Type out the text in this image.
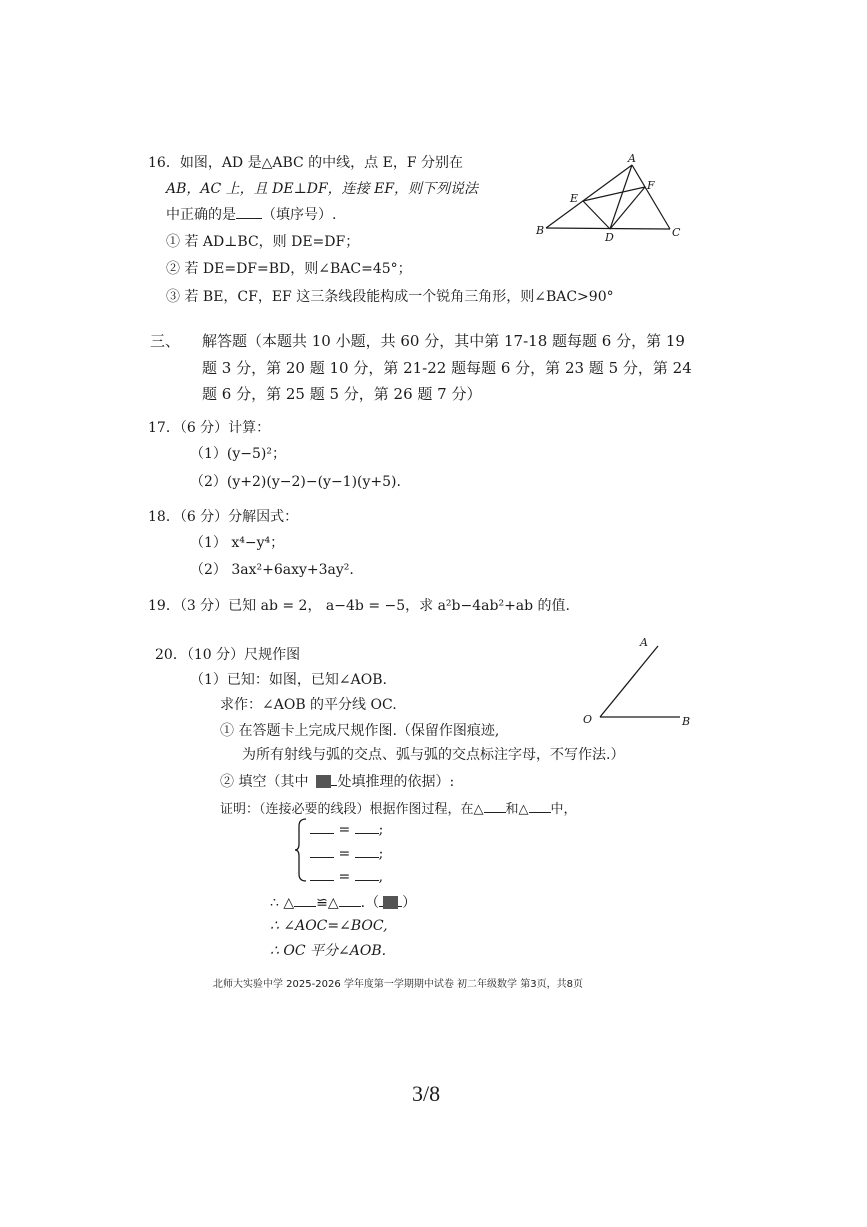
16．如图，AD 是△ABC 的中线，点 E，F 分别在
AB，AC 上，且 DE⊥DF，连接 EF，则下列说法
中正确的是 （填序号）.
① 若 AD⊥BC，则 DE=DF；
② 若 DE=DF=BD，则∠BAC=45°；
③ 若 BE，CF，EF 这三条线段能构成一个锐角三角形，则∠BAC>90°
A
B	C
D
E
F
三、 解答题（本题共 10 小题，共 60 分，其中第 17-18 题每题 6 分，第 19
题 3 分，第 20 题 10 分，第 21-22 题每题 6 分，第 23 题 5 分，第 24
题 6 分，第 25 题 5 分，第 26 题 7 分）
17．（6 分）计算：
（1）(y−5)²；
（2）(y+2)(y−2)−(y−1)(y+5).
18．（6 分）分解因式：
（1） x⁴−y⁴；
（2） 3ax²+6axy+3ay².
19．（3 分）已知 ab = 2， a−4b = −5，求 a²b−4ab²+ab 的值.
20．（10 分）尺规作图
（1）已知：如图，已知∠AOB.
求作：∠AOB 的平分线 OC.
① 在答题卡上完成尺规作图.（保留作图痕迹,
为所有射线与弧的交点、弧与弧的交点标注字母，不写作法.）
② 填空（其中 处填推理的依据）:
证明：（连接必要的线段）根据作图过程，在△ 和△ 中，
= ;
= ;
= ,
∴ △ ≌△ .（ ）
∴ ∠AOC=∠BOC,
∴ OC 平分∠AOB.
A
O	B
北师大实验中学 2025-2026 学年度第一学期期中试卷 初二年级数学 第3页，共8页
3/8
